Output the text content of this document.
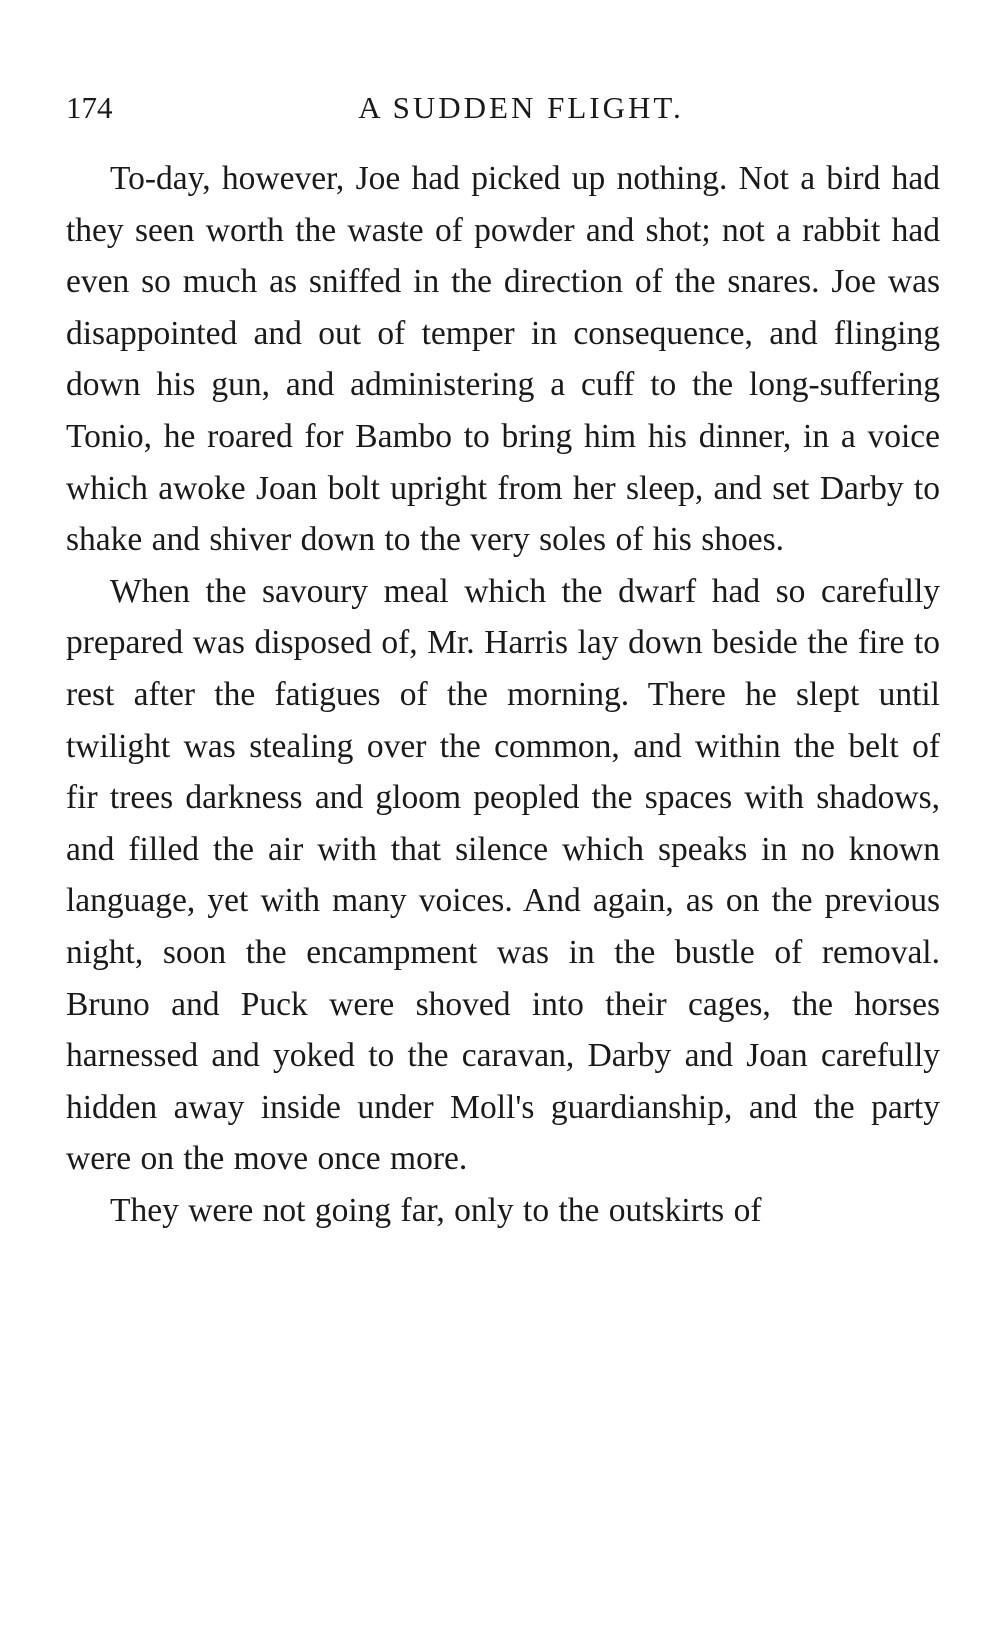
174	A SUDDEN FLIGHT.

To-day, however, Joe had picked up nothing. Not a bird had they seen worth the waste of powder and shot; not a rabbit had even so much as sniffed in the direction of the snares. Joe was disappointed and out of temper in consequence, and flinging down his gun, and administering a cuff to the long-suffering Tonio, he roared for Bambo to bring him his dinner, in a voice which awoke Joan bolt upright from her sleep, and set Darby to shake and shiver down to the very soles of his shoes.

When the savoury meal which the dwarf had so carefully prepared was disposed of, Mr. Harris lay down beside the fire to rest after the fatigues of the morning. There he slept until twilight was stealing over the common, and within the belt of fir trees darkness and gloom peopled the spaces with shadows, and filled the air with that silence which speaks in no known language, yet with many voices. And again, as on the previous night, soon the encampment was in the bustle of removal. Bruno and Puck were shoved into their cages, the horses harnessed and yoked to the caravan, Darby and Joan carefully hidden away inside under Moll's guardianship, and the party were on the move once more.

They were not going far, only to the outskirts of
